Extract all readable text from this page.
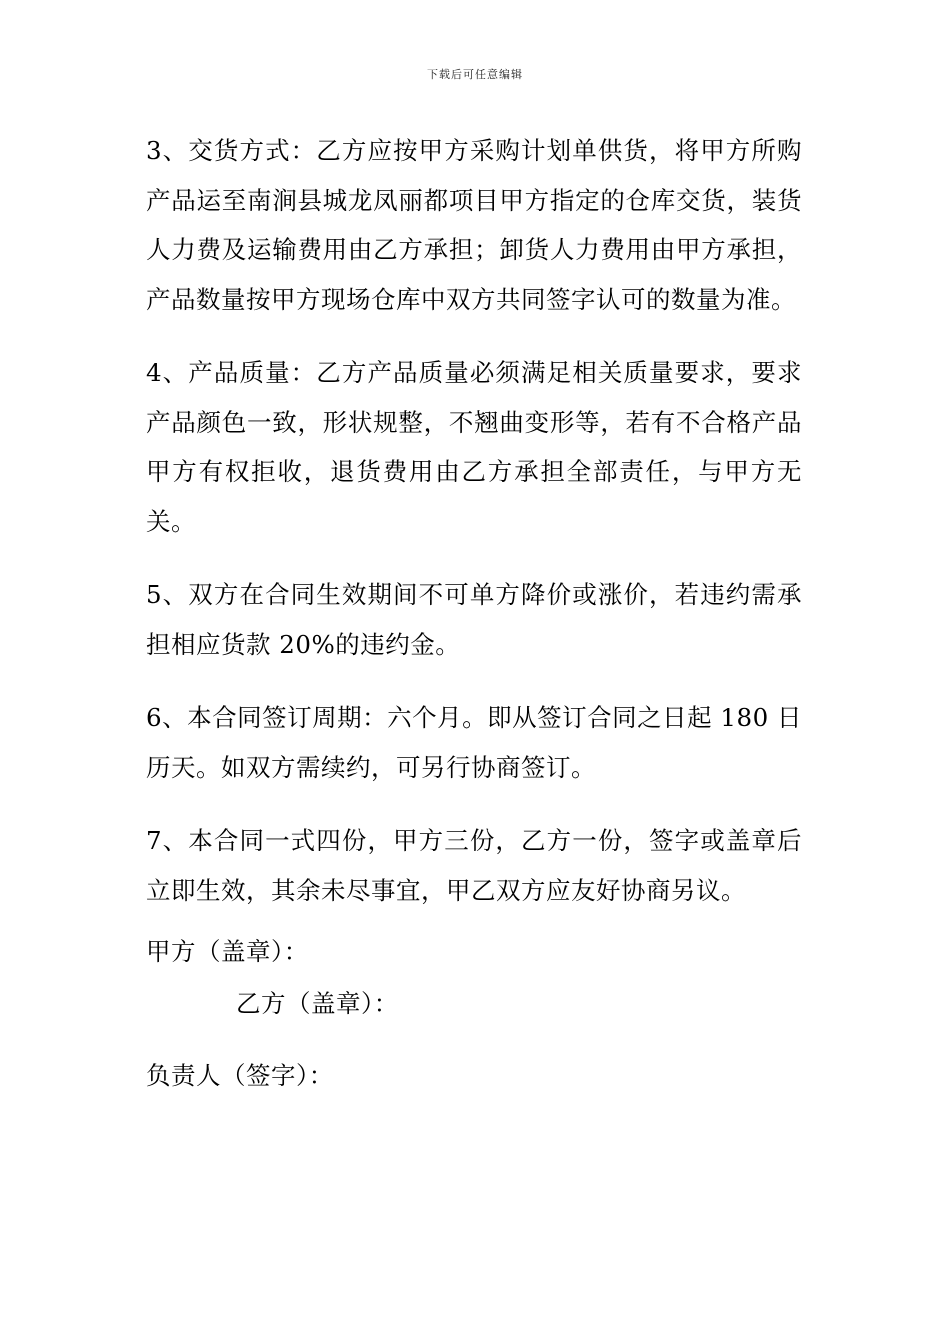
下载后可任意编辑

3、交货方式：乙方应按甲方采购计划单供货，将甲方所购产品运至南涧县城龙凤丽都项目甲方指定的仓库交货，装货人力费及运输费用由乙方承担；卸货人力费用由甲方承担，产品数量按甲方现场仓库中双方共同签字认可的数量为准。

4、产品质量：乙方产品质量必须满足相关质量要求，要求产品颜色一致，形状规整，不翘曲变形等，若有不合格产品甲方有权拒收，退货费用由乙方承担全部责任，与甲方无关。

5、双方在合同生效期间不可单方降价或涨价，若违约需承担相应货款 20%的违约金。

6、本合同签订周期：六个月。即从签订合同之日起 180 日历天。如双方需续约，可另行协商签订。

7、本合同一式四份，甲方三份，乙方一份，签字或盖章后立即生效，其余未尽事宜，甲乙双方应友好协商另议。

甲方（盖章）：

乙方（盖章）：

负责人（签字）：
